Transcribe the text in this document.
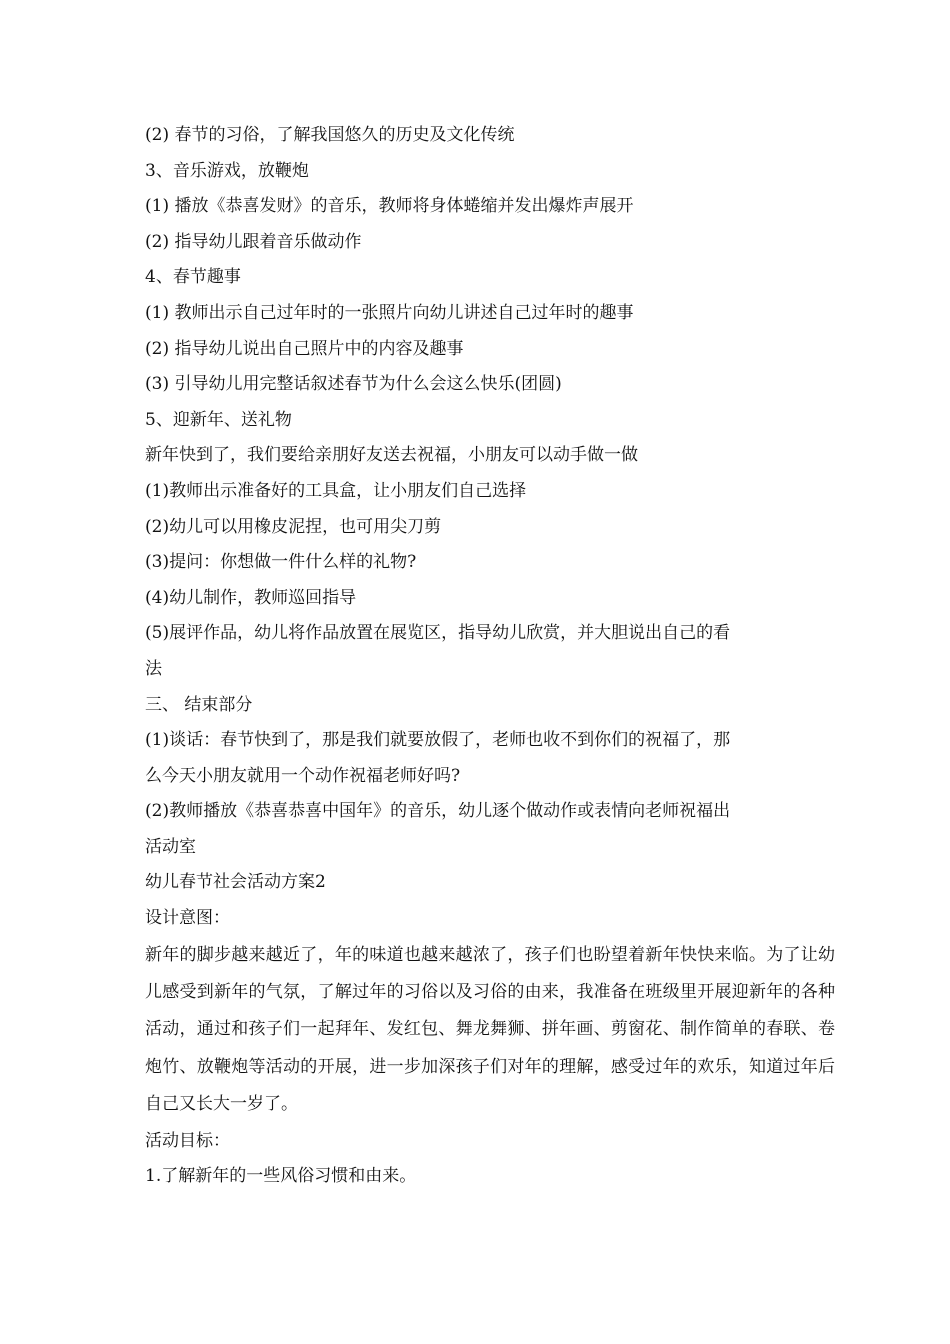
(2) 春节的习俗，了解我国悠久的历史及文化传统
3、音乐游戏，放鞭炮
(1) 播放《恭喜发财》的音乐，教师将身体蜷缩并发出爆炸声展开
(2) 指导幼儿跟着音乐做动作
4、春节趣事
(1) 教师出示自己过年时的一张照片向幼儿讲述自己过年时的趣事
(2) 指导幼儿说出自己照片中的内容及趣事
(3) 引导幼儿用完整话叙述春节为什么会这么快乐(团圆)
5、迎新年、送礼物
新年快到了，我们要给亲朋好友送去祝福，小朋友可以动手做一做
(1)教师出示准备好的工具盒，让小朋友们自己选择
(2)幼儿可以用橡皮泥捏，也可用尖刀剪
(3)提问：你想做一件什么样的礼物?
(4)幼儿制作，教师巡回指导
(5)展评作品，幼儿将作品放置在展览区，指导幼儿欣赏，并大胆说出自己的看
法
三、 结束部分
(1)谈话：春节快到了，那是我们就要放假了，老师也收不到你们的祝福了，那
么今天小朋友就用一个动作祝福老师好吗?
(2)教师播放《恭喜恭喜中国年》的音乐，幼儿逐个做动作或表情向老师祝福出
活动室
幼儿春节社会活动方案2
设计意图：

新年的脚步越来越近了，年的味道也越来越浓了，孩子们也盼望着新年快快来临。为了让幼儿感受到新年的气氛，了解过年的习俗以及习俗的由来，我准备在班级里开展迎新年的各种活动，通过和孩子们一起拜年、发红包、舞龙舞狮、拼年画、剪窗花、制作简单的春联、卷炮竹、放鞭炮等活动的开展，进一步加深孩子们对年的理解，感受过年的欢乐，知道过年后自己又长大一岁了。

活动目标：
1.了解新年的一些风俗习惯和由来。
